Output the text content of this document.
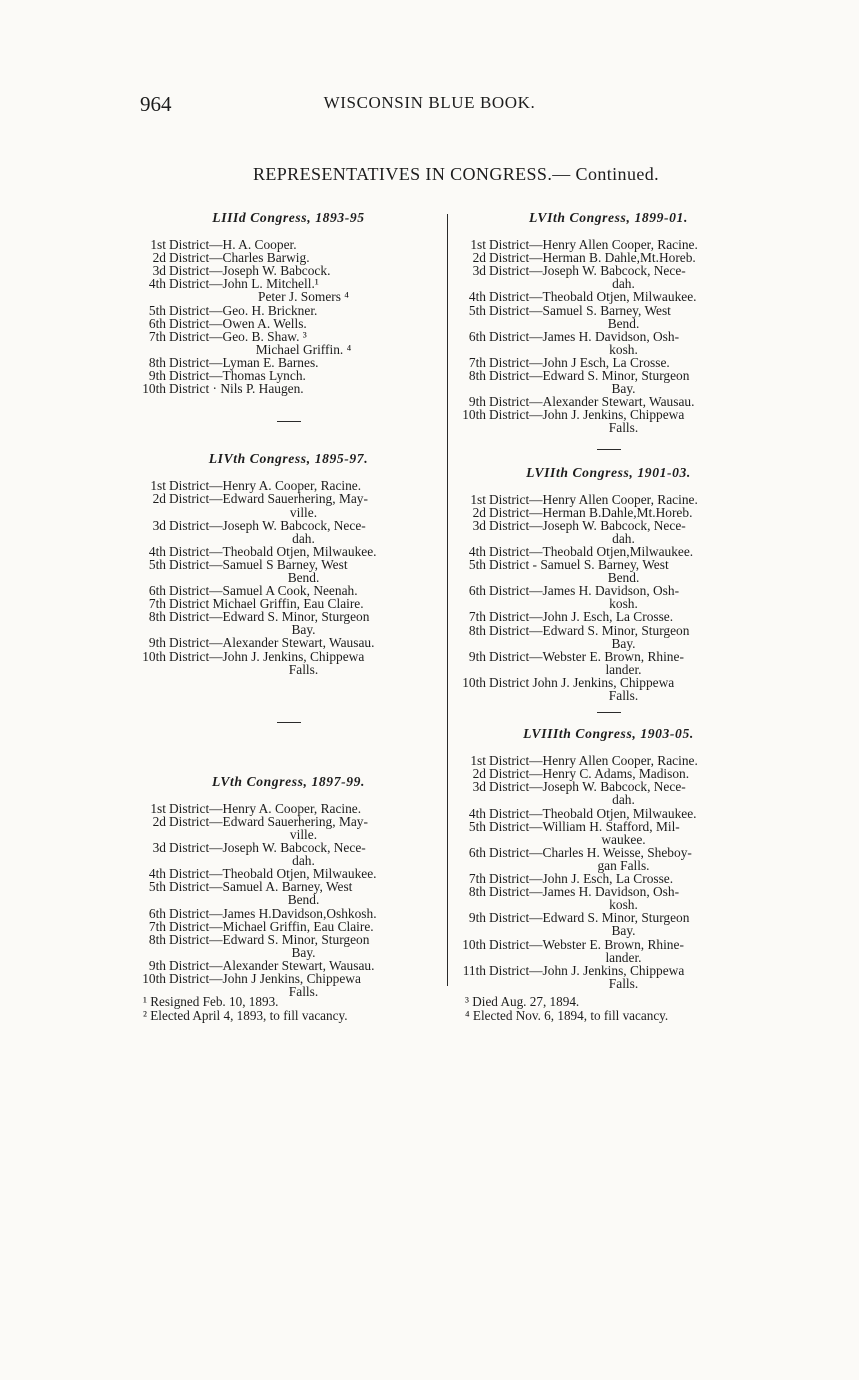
964	WISCONSIN BLUE BOOK.
REPRESENTATIVES IN CONGRESS.— Continued.
LIIId Congress, 1893-95
1st District—H. A. Cooper.
2d District—Charles Barwig.
3d District—Joseph W. Babcock.
4th District—John L. Mitchell.¹
Peter J. Somers ⁴
5th District—Geo. H. Brickner.
6th District—Owen A. Wells.
7th District—Geo. B. Shaw. ³
Michael Griffin. ⁴
8th District—Lyman E. Barnes.
9th District—Thomas Lynch.
10th District · Nils P. Haugen.
LIVth Congress, 1895-97.
1st District—Henry A. Cooper, Racine.
2d District—Edward Sauerhering, May-
ville.
3d District—Joseph W. Babcock, Nece-
dah.
4th District—Theobald Otjen, Milwaukee.
5th District—Samuel S Barney, West
Bend.
6th District—Samuel A Cook, Neenah.
7th District Michael Griffin, Eau Claire.
8th District—Edward S. Minor, Sturgeon
Bay.
9th District—Alexander Stewart, Wausau.
10th District—John J. Jenkins, Chippewa
Falls.
LVth Congress, 1897-99.
1st District—Henry A. Cooper, Racine.
2d District—Edward Sauerhering, May-
ville.
3d District—Joseph W. Babcock, Nece-
dah.
4th District—Theobald Otjen, Milwaukee.
5th District—Samuel A. Barney, West
Bend.
6th District—James H.Davidson,Oshkosh.
7th District—Michael Griffin, Eau Claire.
8th District—Edward S. Minor, Sturgeon
Bay.
9th District—Alexander Stewart, Wausau.
10th District—John J Jenkins, Chippewa
Falls.
LVIth Congress, 1899-01.
1st District—Henry Allen Cooper, Racine.
2d District—Herman B. Dahle,Mt.Horeb.
3d District—Joseph W. Babcock, Nece-
dah.
4th District—Theobald Otjen, Milwaukee.
5th District—Samuel S. Barney, West
Bend.
6th District—James H. Davidson, Osh-
kosh.
7th District—John J Esch, La Crosse.
8th District—Edward S. Minor, Sturgeon
Bay.
9th District—Alexander Stewart, Wausau.
10th District—John J. Jenkins, Chippewa
Falls.
LVIIth Congress, 1901-03.
1st District—Henry Allen Cooper, Racine.
2d District—Herman B.Dahle,Mt.Horeb.
3d District—Joseph W. Babcock, Nece-
dah.
4th District—Theobald Otjen,Milwaukee.
5th District - Samuel S. Barney, West
Bend.
6th District—James H. Davidson, Osh-
kosh.
7th District—John J. Esch, La Crosse.
8th District—Edward S. Minor, Sturgeon
Bay.
9th District—Webster E. Brown, Rhine-
lander.
10th District John J. Jenkins, Chippewa
Falls.
LVIIIth Congress, 1903-05.
1st District—Henry Allen Cooper, Racine.
2d District—Henry C. Adams, Madison.
3d District—Joseph W. Babcock, Nece-
dah.
4th District—Theobald Otjen, Milwaukee.
5th District—William H. Stafford, Mil-
waukee.
6th District—Charles H. Weisse, Sheboy-
gan Falls.
7th District—John J. Esch, La Crosse.
8th District—James H. Davidson, Osh-
kosh.
9th District—Edward S. Minor, Sturgeon
Bay.
10th District—Webster E. Brown, Rhine-
lander.
11th District—John J. Jenkins, Chippewa
Falls.
¹ Resigned Feb. 10, 1893.
² Elected April 4, 1893, to fill vacancy.
³ Died Aug. 27, 1894.
⁴ Elected Nov. 6, 1894, to fill vacancy.
